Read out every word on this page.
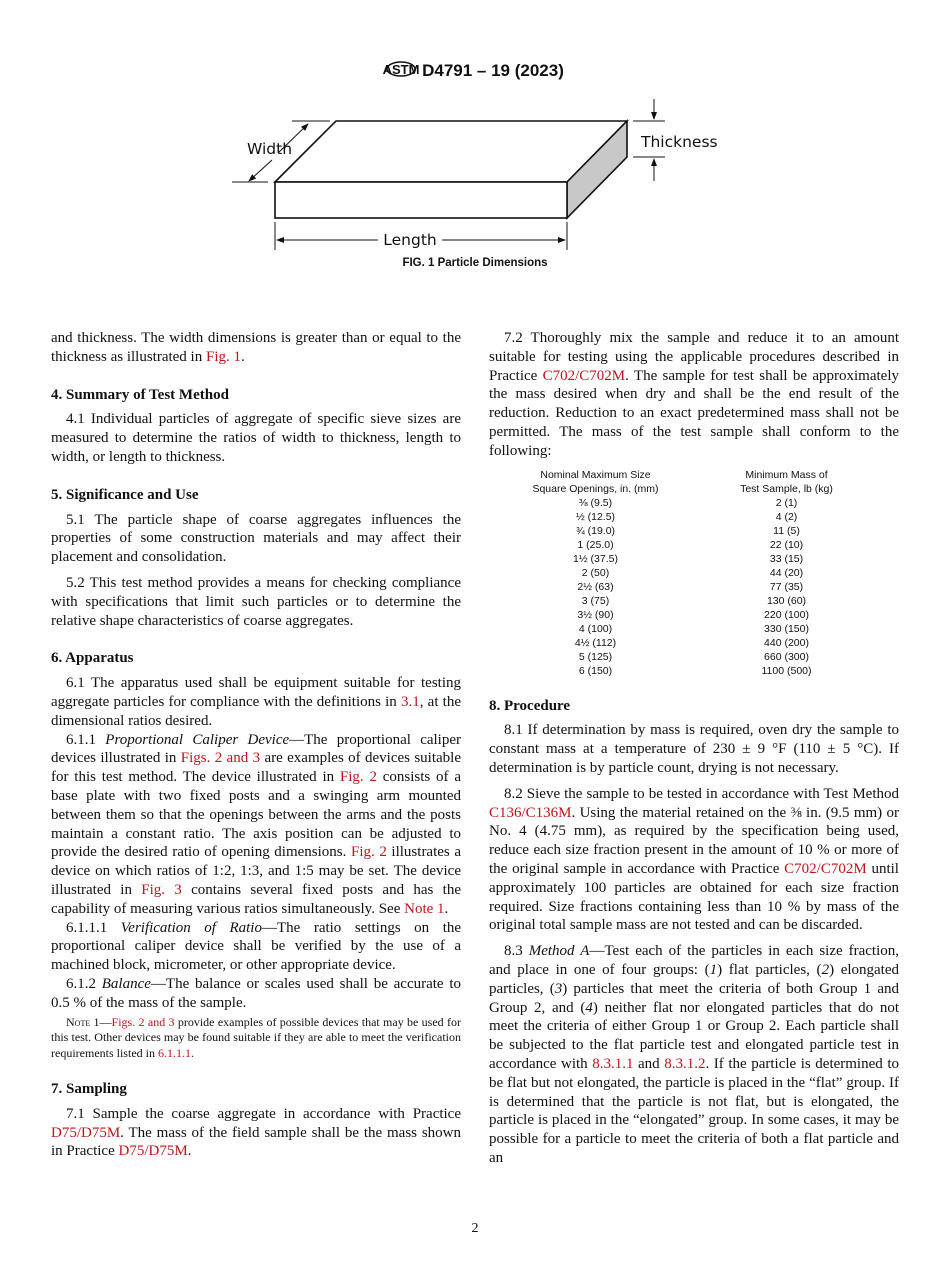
ASTM D4791 – 19 (2023)
Width	Thickness
Length
FIG. 1 Particle Dimensions

and thickness. The width dimensions is greater than or equal to the thickness as illustrated in Fig. 1.

4. Summary of Test Method

4.1 Individual particles of aggregate of specific sieve sizes are measured to determine the ratios of width to thickness, length to width, or length to thickness.

5. Significance and Use

5.1 The particle shape of coarse aggregates influences the properties of some construction materials and may affect their placement and consolidation.

5.2 This test method provides a means for checking compliance with specifications that limit such particles or to determine the relative shape characteristics of coarse aggregates.

6. Apparatus

6.1 The apparatus used shall be equipment suitable for testing aggregate particles for compliance with the definitions in 3.1, at the dimensional ratios desired.

6.1.1 Proportional Caliper Device—The proportional caliper devices illustrated in Figs. 2 and 3 are examples of devices suitable for this test method. The device illustrated in Fig. 2 consists of a base plate with two fixed posts and a swinging arm mounted between them so that the openings between the arms and the posts maintain a constant ratio. The axis position can be adjusted to provide the desired ratio of opening dimensions. Fig. 2 illustrates a device on which ratios of 1:2, 1:3, and 1:5 may be set. The device illustrated in Fig. 3 contains several fixed posts and has the capability of measuring various ratios simultaneously. See Note 1.

6.1.1.1 Verification of Ratio—The ratio settings on the proportional caliper device shall be verified by the use of a machined block, micrometer, or other appropriate device.

6.1.2 Balance—The balance or scales used shall be accurate to 0.5 % of the mass of the sample.

Note 1—Figs. 2 and 3 provide examples of possible devices that may be used for this test. Other devices may be found suitable if they are able to meet the verification requirements listed in 6.1.1.1.

7. Sampling

7.1 Sample the coarse aggregate in accordance with Practice D75/D75M. The mass of the field sample shall be the mass shown in Practice D75/D75M.

7.2 Thoroughly mix the sample and reduce it to an amount suitable for testing using the applicable procedures described in Practice C702/C702M. The sample for test shall be approximately the mass desired when dry and shall be the end result of the reduction. Reduction to an exact predetermined mass shall not be permitted. The mass of the test sample shall conform to the following:

Nominal Maximum Size	Minimum Mass of
Square Openings, in. (mm)	Test Sample, lb (kg)
⅜ (9.5)	2 (1)
½ (12.5)	4 (2)
¾ (19.0)	11 (5)
1 (25.0)	22 (10)
1½ (37.5)	33 (15)
2 (50)	44 (20)
2½ (63)	77 (35)
3 (75)	130 (60)
3½ (90)	220 (100)
4 (100)	330 (150)
4½ (112)	440 (200)
5 (125)	660 (300)
6 (150)	1100 (500)
8. Procedure

8.1 If determination by mass is required, oven dry the sample to constant mass at a temperature of 230 ± 9 °F (110 ± 5 °C). If determination is by particle count, drying is not necessary.

8.2 Sieve the sample to be tested in accordance with Test Method C136/C136M. Using the material retained on the ⅜ in. (9.5 mm) or No. 4 (4.75 mm), as required by the specification being used, reduce each size fraction present in the amount of 10 % or more of the original sample in accordance with Practice C702/C702M until approximately 100 particles are obtained for each size fraction required. Size fractions containing less than 10 % by mass of the original total sample mass are not tested and can be discarded.

8.3 Method A—Test each of the particles in each size fraction, and place in one of four groups: (1) flat particles, (2) elongated particles, (3) particles that meet the criteria of both Group 1 and Group 2, and (4) neither flat nor elongated particles that do not meet the criteria of either Group 1 or Group 2. Each particle shall be subjected to the flat particle test and elongated particle test in accordance with 8.3.1.1 and 8.3.1.2. If the particle is determined to be flat but not elongated, the particle is placed in the “flat” group. If is determined that the particle is not flat, but is elongated, the particle is placed in the “elongated” group. In some cases, it may be possible for a particle to meet the criteria of both a flat particle and an

2
